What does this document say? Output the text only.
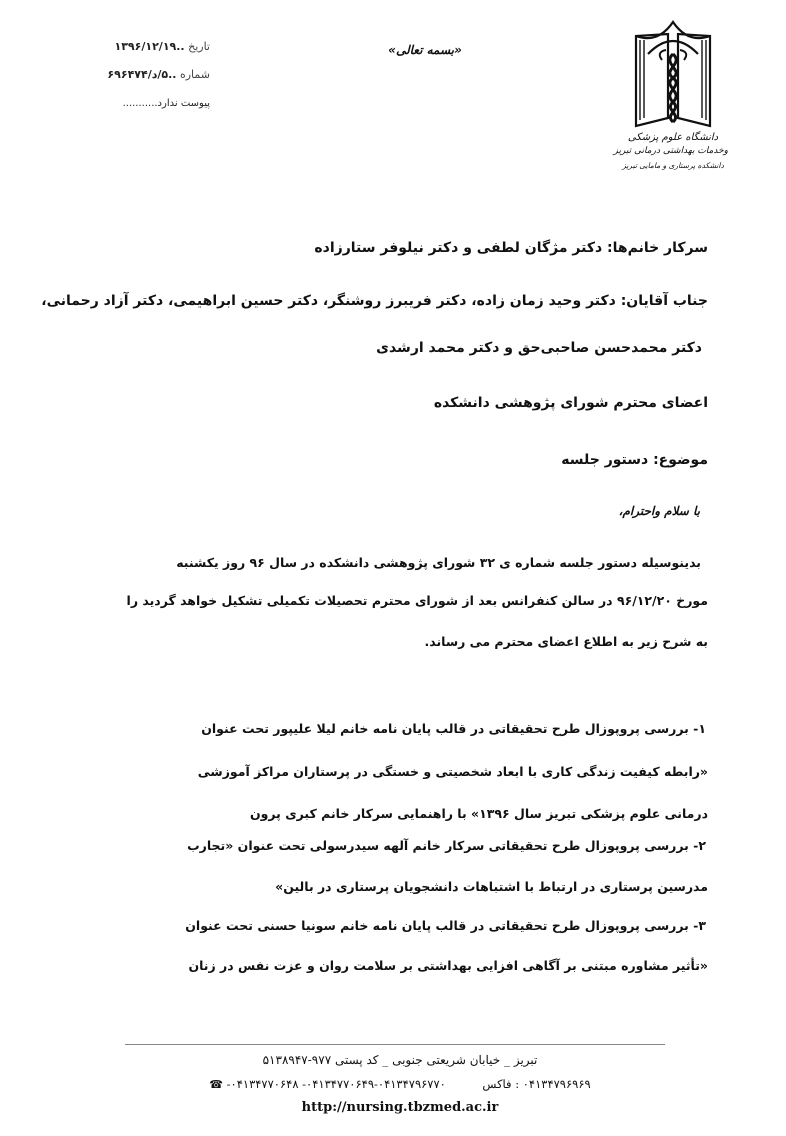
تاریخ ..۱۳۹۶/۱۲/۱۹
شماره ..۵/د/۶۹۶۴۷۴
پیوست ندارد...........
«بسمه تعالی»
دانشگاه علوم پزشکی
وخدمات بهداشتی درمانی تبریز
دانشکده پرستاری و مامایی تبریز
سرکار خانم‌ها: دکتر مژگان لطفی و دکتر نیلوفر ستارزاده
جناب آقایان: دکتر وحید زمان زاده، دکتر فریبرز روشنگر، دکتر حسین ابراهیمی، دکتر آزاد رحمانی،
دکتر محمدحسن صاحبی‌حق و دکتر محمد ارشدی
اعضای محترم شورای پژوهشی دانشکده
موضوع: دستور جلسه
با سلام واحترام،
بدینوسیله دستور جلسه شماره ی ۳۲ شورای پژوهشی دانشکده در سال ۹۶ روز یکشنبه
مورخ ۹۶/۱۲/۲۰ در سالن کنفرانس بعد از شورای محترم تحصیلات تکمیلی تشکیل خواهد گردید را
به شرح زیر به اطلاع اعضای محترم می رساند.
۱- بررسی پروپوزال طرح تحقیقاتی در قالب پایان نامه خانم لیلا علیپور تحت عنوان
«رابطه کیفیت زندگی کاری با ابعاد شخصیتی و خستگی در پرستاران مراکز آموزشی
درمانی علوم پزشکی تبریز سال ۱۳۹۶» با راهنمایی سرکار خانم کبری پرون
۲- بررسی پروپوزال طرح تحقیقاتی سرکار خانم آلهه سیدرسولی تحت عنوان «تجارب
مدرسین پرستاری در ارتباط با اشتباهات دانشجویان پرستاری در بالین»
۳- بررسی پروپوزال طرح تحقیقاتی در قالب پایان نامه خانم سونیا حسنی تحت عنوان
«تأثیر مشاوره مبتنی بر آگاهی افزایی بهداشتی بر سلامت روان و عزت نفس در زنان
تبریز _ خیابان شریعتی جنوبی _ کد پستی ۹۷۷-۵۱۳۸۹۴۷
۰۴۱۳۴۷۹۶۹۶۹ : فاکس          ۰۴۱۳۴۷۹۶۷۷۰-۰۴۱۳۴۷۷۰۶۴۹- ۰۴۱۳۴۷۷۰۶۴۸- ☎
http://nursing.tbzmed.ac.ir
